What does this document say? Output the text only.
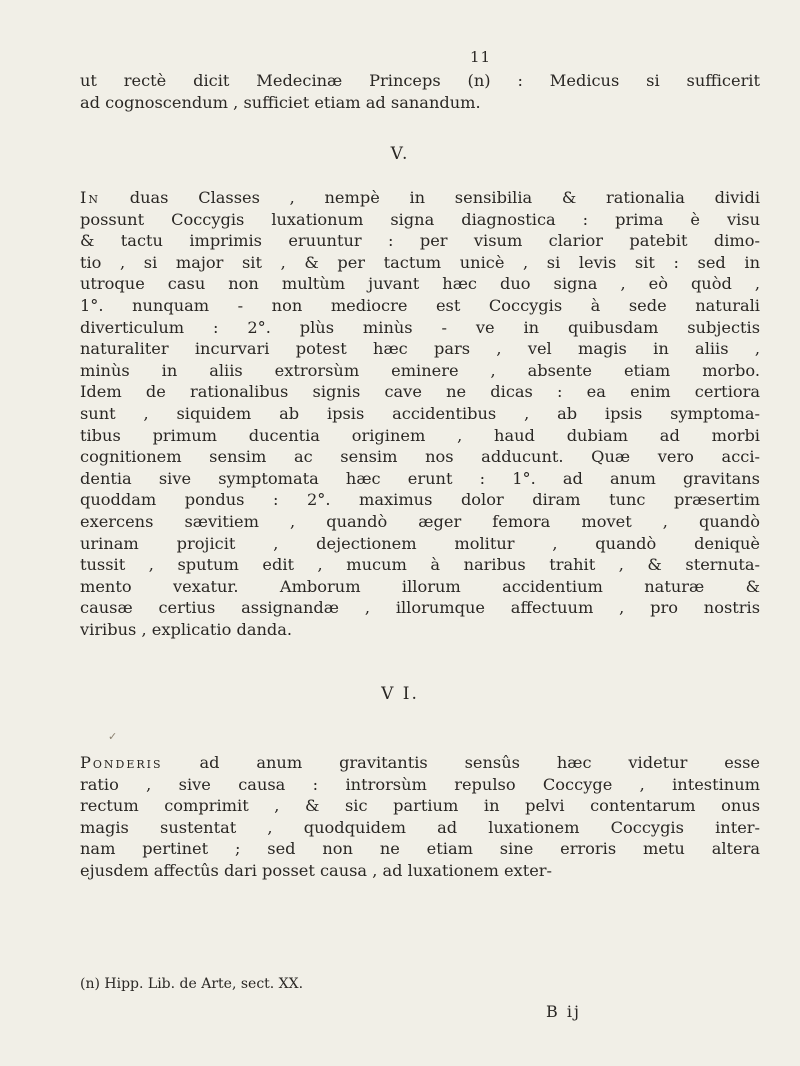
11
ut rectè dicit Medecinæ Princeps (n) : Medicus si sufficerit
ad cognoscendum , sufficiet etiam ad sanandum.
V.
In duas Classes , nempè in sensibilia & rationalia dividi
possunt Coccygis luxationum signa diagnostica : prima è visu
& tactu imprimis eruuntur : per visum clarior patebit dimo-
tio , si major sit , & per tactum unicè , si levis sit : sed in
utroque casu non multùm juvant hæc duo signa , eò quòd ,
1°. nunquam - non mediocre est Coccygis à sede naturali
diverticulum : 2°. plùs minùs - ve in quibusdam subjectis
naturaliter incurvari potest hæc pars , vel magis in aliis ,
minùs in aliis extrorsùm eminere , absente etiam morbo.
Idem de rationalibus signis cave ne dicas : ea enim certiora
sunt , siquidem ab ipsis accidentibus , ab ipsis symptoma-
tibus primum ducentia originem , haud dubiam ad morbi
cognitionem sensim ac sensim nos adducunt. Quæ vero acci-
dentia sive symptomata hæc erunt : 1°. ad anum gravitans
quoddam pondus : 2°. maximus dolor diram tunc præsertim
exercens sævitiem , quandò æger femora movet , quandò
urinam projicit , dejectionem molitur , quandò deniquè
tussit , sputum edit , mucum à naribus trahit , & sternuta-
mento vexatur. Amborum illorum accidentium naturæ &
causæ certius assignandæ , illorumque affectuum , pro nostris
viribus , explicatio danda.
V I.
✓
Ponderis ad anum gravitantis sensûs hæc videtur esse
ratio , sive causa : introrsùm repulso Coccyge , intestinum
rectum comprimit , & sic partium in pelvi contentarum onus
magis sustentat , quodquidem ad luxationem Coccygis inter-
nam pertinet ; sed non ne etiam sine erroris metu altera
ejusdem affectûs dari posset causa , ad luxationem exter-
(n) Hipp. Lib. de Arte, sect. XX.
B ij
